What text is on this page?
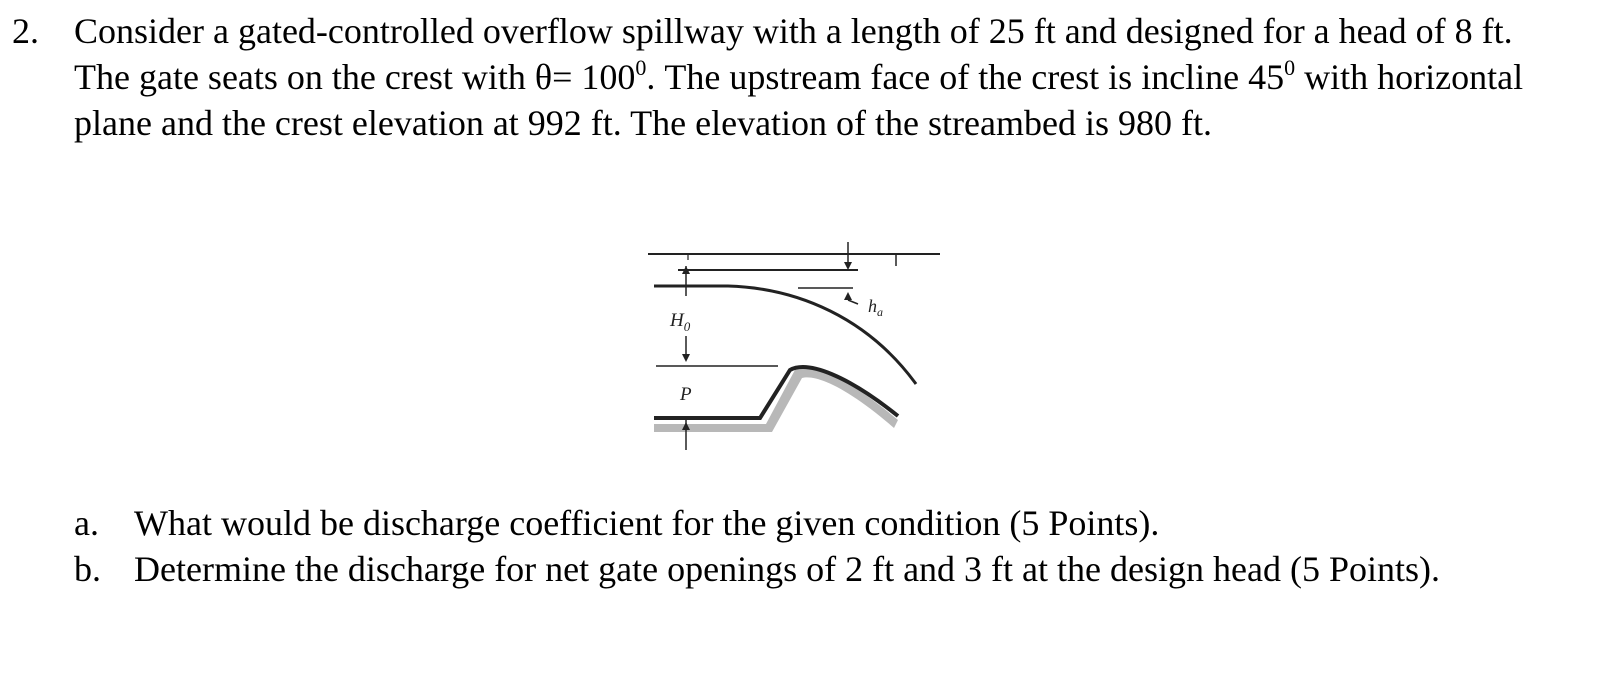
2. Consider a gated-controlled overflow spillway with a length of 25 ft and designed for a head of 8 ft. The gate seats on the crest with $\theta= 100^0$. The upstream face of the crest is incline $45^0$ with horizontal plane and the crest elevation at 992 ft. The elevation of the streambed is 980 ft.
$h_a$
$H_0$
P
a. What would be discharge coefficient for the given condition (5 Points).
b. Determine the discharge for net gate openings of 2 ft and 3 ft at the design head (5 Points).
